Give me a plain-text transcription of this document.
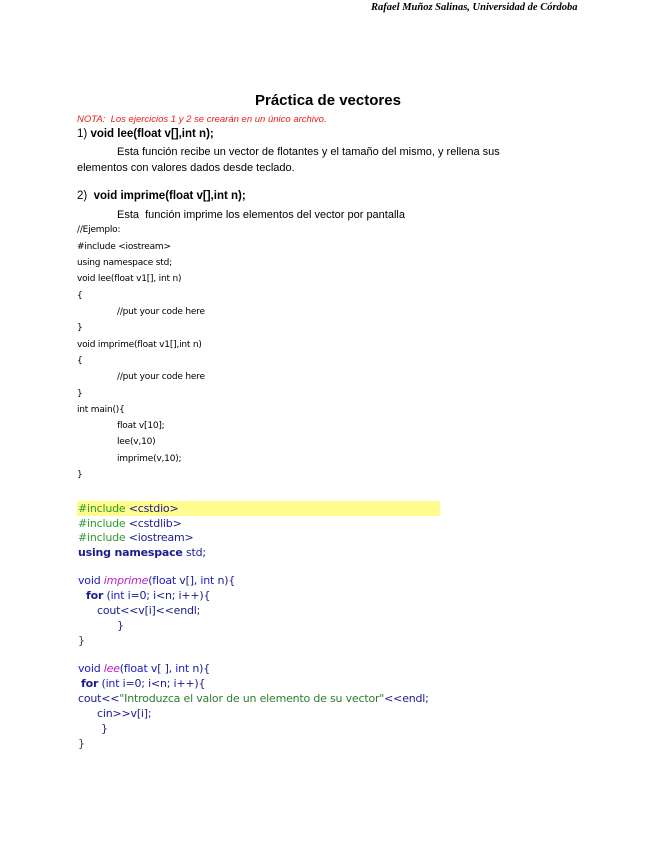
Rafael Muñoz Salinas, Universidad de Córdoba
Práctica de vectores
NOTA:  Los ejercicios 1 y 2 se crearán en un único archivo.
1) void lee(float v[],int n);
Esta función recibe un vector de flotantes y el tamaño del mismo, y rellena sus
elementos con valores dados desde teclado.
2) void imprime(float v[],int n);
Esta  función imprime los elementos del vector por pantalla
//Ejemplo:
#include <iostream>
using namespace std;
void lee(float v1[], int n)
{
//put your code here
}
void imprime(float v1[],int n)
{
//put your code here
}
int main(){
float v[10];
lee(v,10)
imprime(v,10);
}
#include <cstdio>
#include <cstdlib>
#include <iostream>
using namespace std;
void imprime(float v[], int n){
for (int i=0; i<n; i++){
cout<<v[i]<<endl;
}
}
void lee(float v[ ], int n){
for (int i=0; i<n; i++){
cout<<"Introduzca el valor de un elemento de su vector"<<endl;
cin>>v[i];
}
}
